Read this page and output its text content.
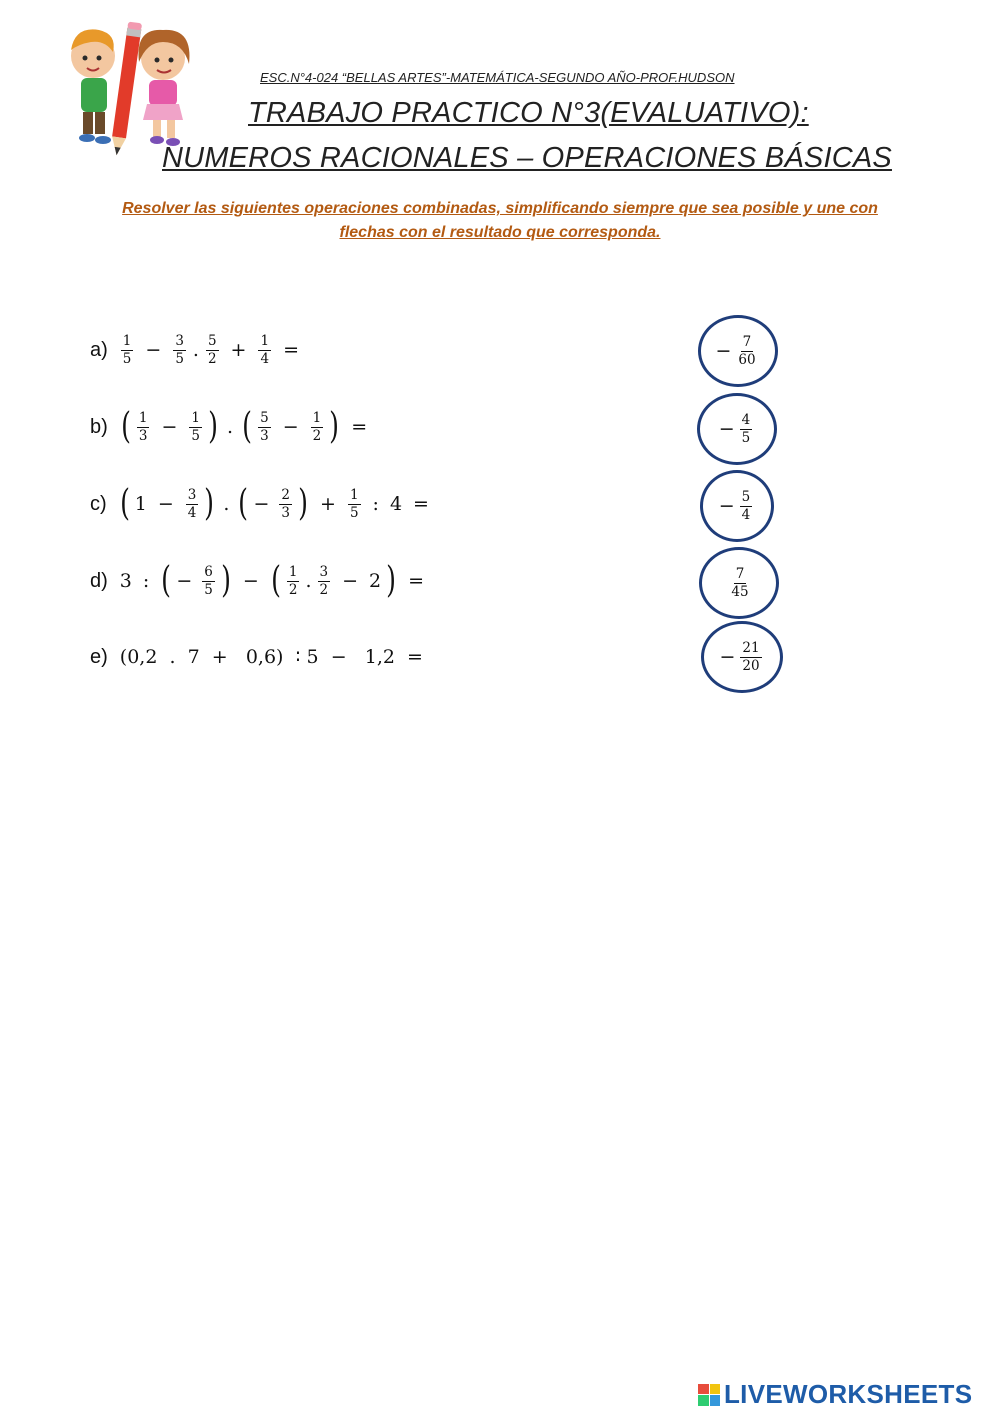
ESC.N°4-024 “BELLAS ARTES”-MATEMÁTICA-SEGUNDO AÑO-PROF.HUDSON
TRABAJO PRACTICO N°3(EVALUATIVO):
NUMEROS RACIONALES – OPERACIONES BÁSICAS
Resolver las siguientes operaciones combinadas, simplificando siempre que sea posible y une con
flechas con el resultado que corresponda.
$a) \frac{1}{5} - \frac{3}{5}$ . $\frac{5}{2} + \frac{1}{4}$ =
b) ( $\frac{1}{3} - \frac{1}{5}$ ) . ( $\frac{5}{3} - \frac{1}{2}$ ) =
c) ( $1 - \frac{3}{4}$ ) . ( − $\frac{2}{3}$ ) + $\frac{1}{5}$ : 4 =
d) 3 : ( − $\frac{6}{5}$ ) − ( $\frac{1}{2}$ . $\frac{3}{2} - 2$ ) =
e) (0,2  .  7  +   0,6)  ∶ 5  −   1,2  =
− $\frac{7}{60}$
− $\frac{4}{5}$
− $\frac{5}{4}$
$\frac{7}{45}$
− $\frac{21}{20}$
LIVEWORKSHEETS
